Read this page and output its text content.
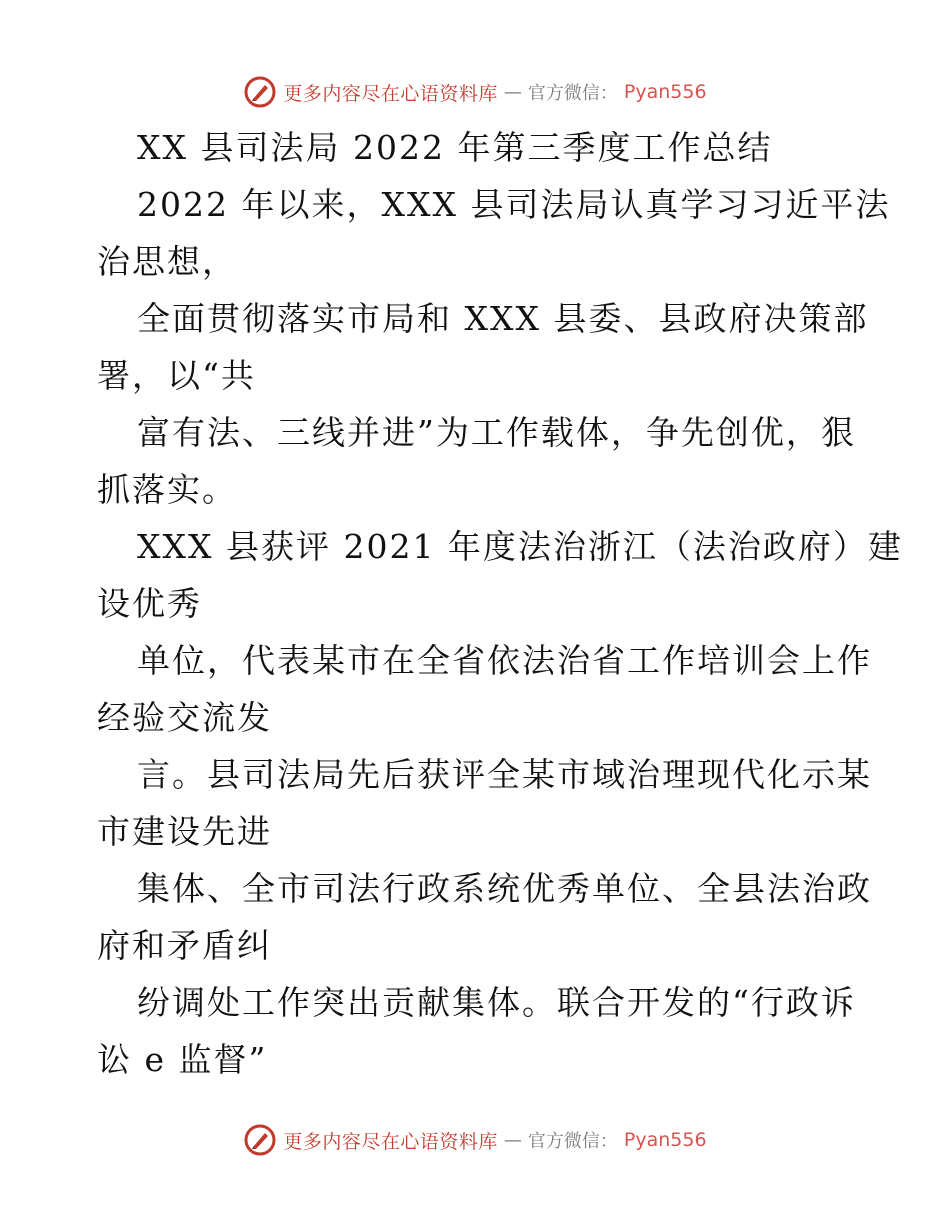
更多内容尽在心语资料库 — 官方微信： Pyan556
XX 县司法局 2022 年第三季度工作总结
2022 年以来，XXX 县司法局认真学习习近平法
治思想，
全面贯彻落实市局和 XXX 县委、县政府决策部
署，以“共
富有法、三线并进”为工作载体，争先创优，狠
抓落实。
XXX 县获评 2021 年度法治浙江（法治政府）建
设优秀
单位，代表某市在全省依法治省工作培训会上作
经验交流发
言。县司法局先后获评全某市域治理现代化示某
市建设先进
集体、全市司法行政系统优秀单位、全县法治政
府和矛盾纠
纷调处工作突出贡献集体。联合开发的“行政诉
讼 e 监督”
更多内容尽在心语资料库 — 官方微信： Pyan556
